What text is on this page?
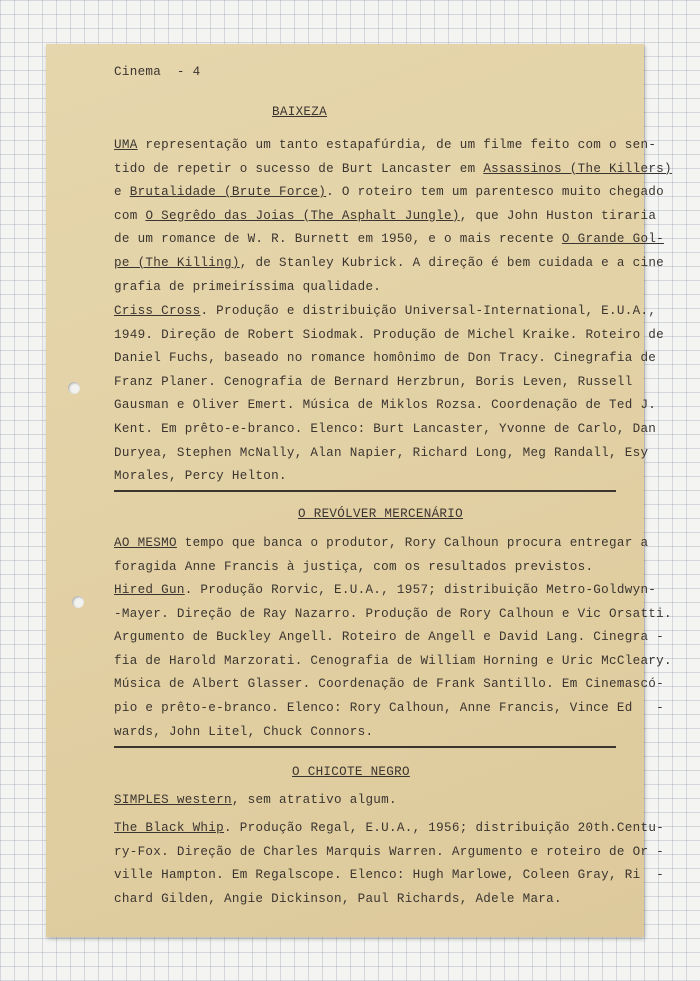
Cinema  - 4
BAIXEZA
UMA representação um tanto estapafúrdia, de um filme feito com o sen-
tido de repetir o sucesso de Burt Lancaster em Assassinos (The Killers)
e Brutalidade (Brute Force). O roteiro tem um parentesco muito chegado
com O Segrêdo das Joias (The Asphalt Jungle), que John Huston tiraria
de um romance de W. R. Burnett em 1950, e o mais recente O Grande Gol-
pe (The Killing), de Stanley Kubrick. A direção é bem cuidada e a cine
grafia de primeiríssima qualidade.
Criss Cross. Produção e distribuição Universal-International, E.U.A.,
1949. Direção de Robert Siodmak. Produção de Michel Kraike. Roteiro de
Daniel Fuchs, baseado no romance homônimo de Don Tracy. Cinegrafia de
Franz Planer. Cenografia de Bernard Herzbrun, Boris Leven, Russell
Gausman e Oliver Emert. Música de Miklos Rozsa. Coordenação de Ted J.
Kent. Em prêto-e-branco. Elenco: Burt Lancaster, Yvonne de Carlo, Dan
Duryea, Stephen McNally, Alan Napier, Richard Long, Meg Randall, Esy
Morales, Percy Helton.
O REVÓLVER MERCENÁRIO
AO MESMO tempo que banca o produtor, Rory Calhoun procura entregar a
foragida Anne Francis à justiça, com os resultados previstos.
Hired Gun. Produção Rorvic, E.U.A., 1957; distribuição Metro-Goldwyn-
-Mayer. Direção de Ray Nazarro. Produção de Rory Calhoun e Vic Orsatti.
Argumento de Buckley Angell. Roteiro de Angell e David Lang. Cinegra -
fia de Harold Marzorati. Cenografia de William Horning e Uric McCleary.
Música de Albert Glasser. Coordenação de Frank Santillo. Em Cinemascó-
pio e prêto-e-branco. Elenco: Rory Calhoun, Anne Francis, Vince Ed   -
wards, John Litel, Chuck Connors.
O CHICOTE NEGRO
SIMPLES western, sem atrativo algum.
The Black Whip. Produção Regal, E.U.A., 1956; distribuição 20th.Centu-
ry-Fox. Direção de Charles Marquis Warren. Argumento e roteiro de Or -
ville Hampton. Em Regalscope. Elenco: Hugh Marlowe, Coleen Gray, Ri  -
chard Gilden, Angie Dickinson, Paul Richards, Adele Mara.
